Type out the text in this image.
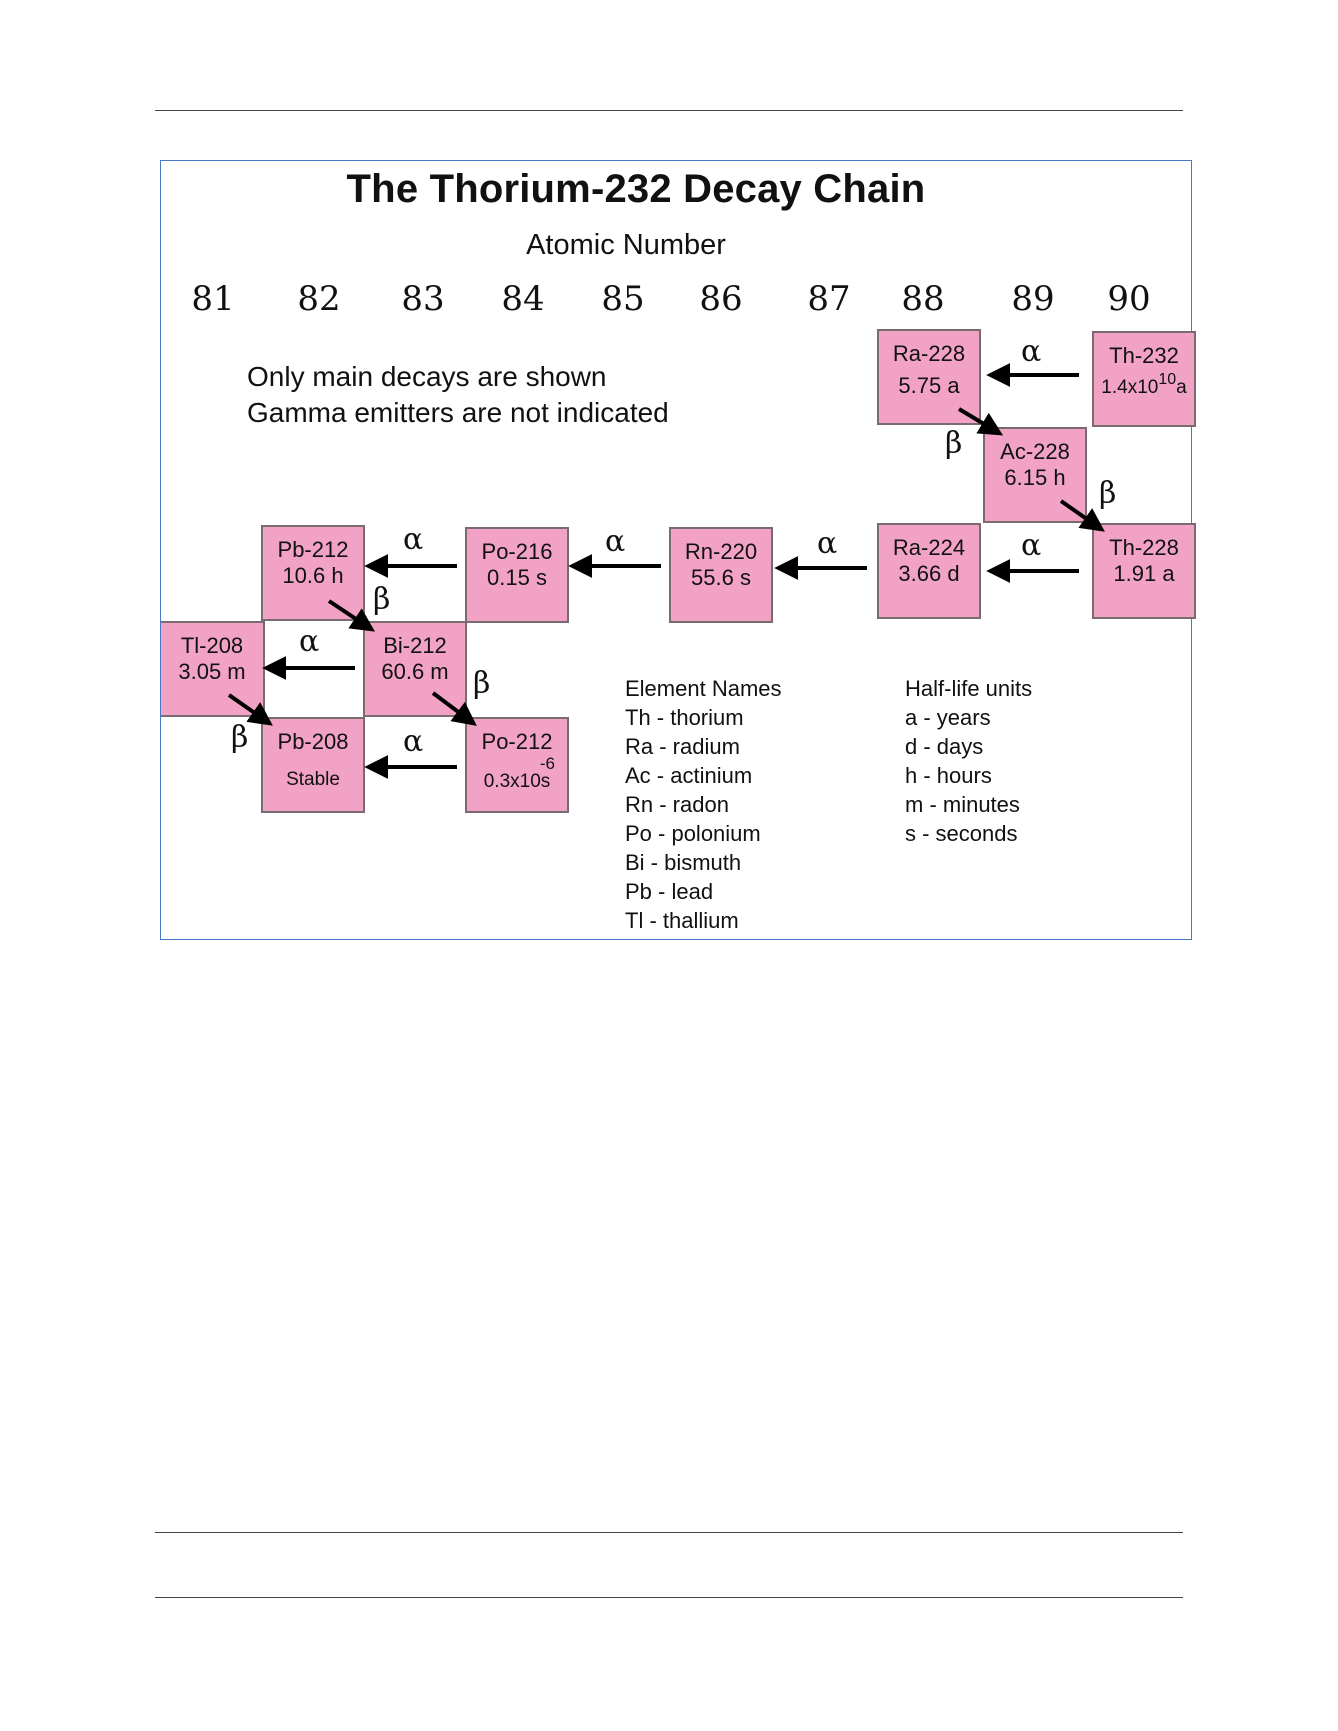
The Thorium-232 Decay Chain
Atomic Number
81 82 83 84 85 86 87 88 89 90
Only main decays are shown
Gamma emitters are not indicated
Th-232
$1.4x10^{10}a$
Ra-228
5.75 a
Ac-228
6.15 h
Th-228
1.91 a
Ra-224
3.66 d
Rn-220
55.6 s
Po-216
0.15 s
Pb-212
10.6 h
Bi-212
60.6 m
Tl-208
3.05 m
Po-212
-6
0.3x10s
Pb-208
Stable
α
α
α
α
α
α
α
β
β
β
β
β
Element Names
Th - thorium
Ra - radium
Ac - actinium
Rn - radon
Po - polonium
Bi - bismuth
Pb - lead
Tl - thallium
Half-life units
a - years
d - days
h - hours
m - minutes
s - seconds
